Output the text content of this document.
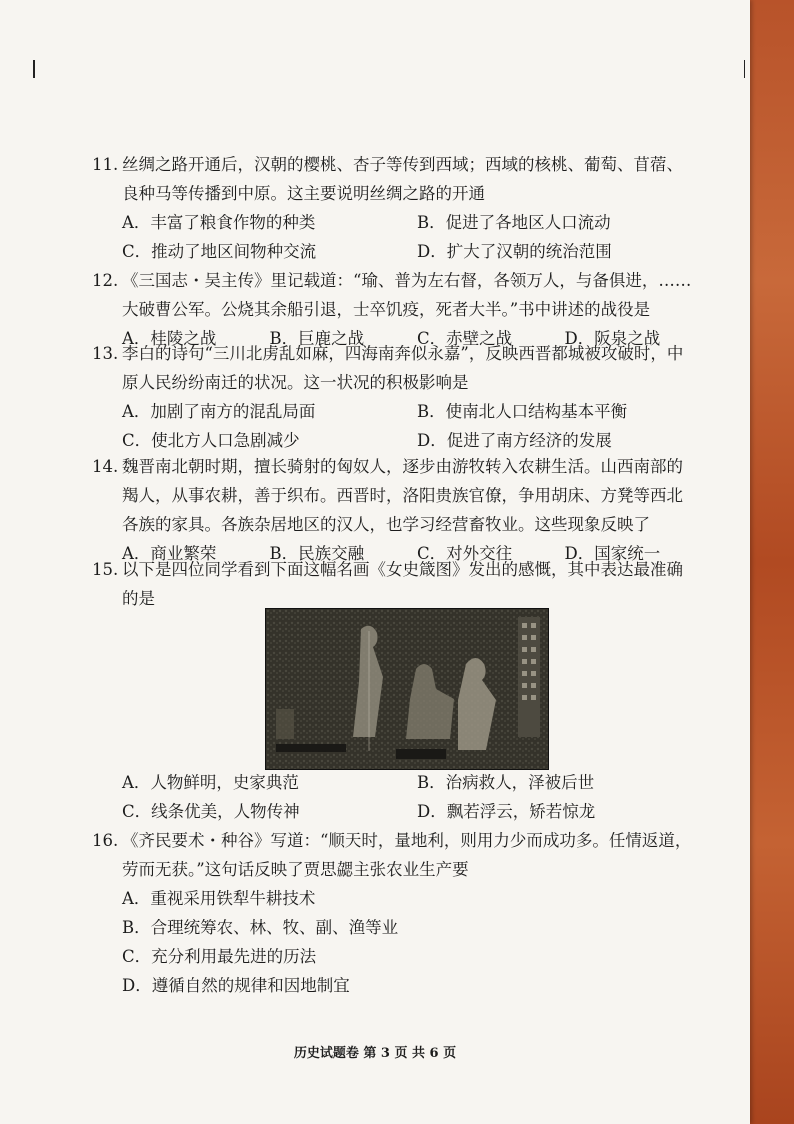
11. 丝绸之路开通后，汉朝的樱桃、杏子等传到西域；西域的核桃、葡萄、苜蓿、
良种马等传播到中原。这主要说明丝绸之路的开通
A．丰富了粮食作物的种类	B．促进了各地区人口流动
C．推动了地区间物种交流	D．扩大了汉朝的统治范围
12. 《三国志・吴主传》里记载道：“瑜、普为左右督，各领万人，与备俱进，……
大破曹公军。公烧其余船引退，士卒饥疫，死者大半。”书中讲述的战役是
A．桂陵之战	B．巨鹿之战	C．赤壁之战	D．阪泉之战
13. 李白的诗句“三川北虏乱如麻，四海南奔似永嘉”，反映西晋都城被攻破时，中
原人民纷纷南迁的状况。这一状况的积极影响是
A．加剧了南方的混乱局面	B．使南北人口结构基本平衡
C．使北方人口急剧减少	D．促进了南方经济的发展
14. 魏晋南北朝时期，擅长骑射的匈奴人，逐步由游牧转入农耕生活。山西南部的
羯人，从事农耕，善于织布。西晋时，洛阳贵族官僚，争用胡床、方凳等西北
各族的家具。各族杂居地区的汉人，也学习经营畜牧业。这些现象反映了
A．商业繁荣	B．民族交融	C．对外交往	D．国家统一
15. 以下是四位同学看到下面这幅名画《女史箴图》发出的感慨，其中表达最准确
的是
A．人物鲜明，史家典范	B．治病救人，泽被后世
C．线条优美，人物传神	D．飘若浮云，矫若惊龙
16. 《齐民要术・种谷》写道：“顺天时，量地利，则用力少而成功多。任情返道，
劳而无获。”这句话反映了贾思勰主张农业生产要
A．重视采用铁犁牛耕技术
B．合理统筹农、林、牧、副、渔等业
C．充分利用最先进的历法
D．遵循自然的规律和因地制宜
历史试题卷 第 3 页 共 6 页
